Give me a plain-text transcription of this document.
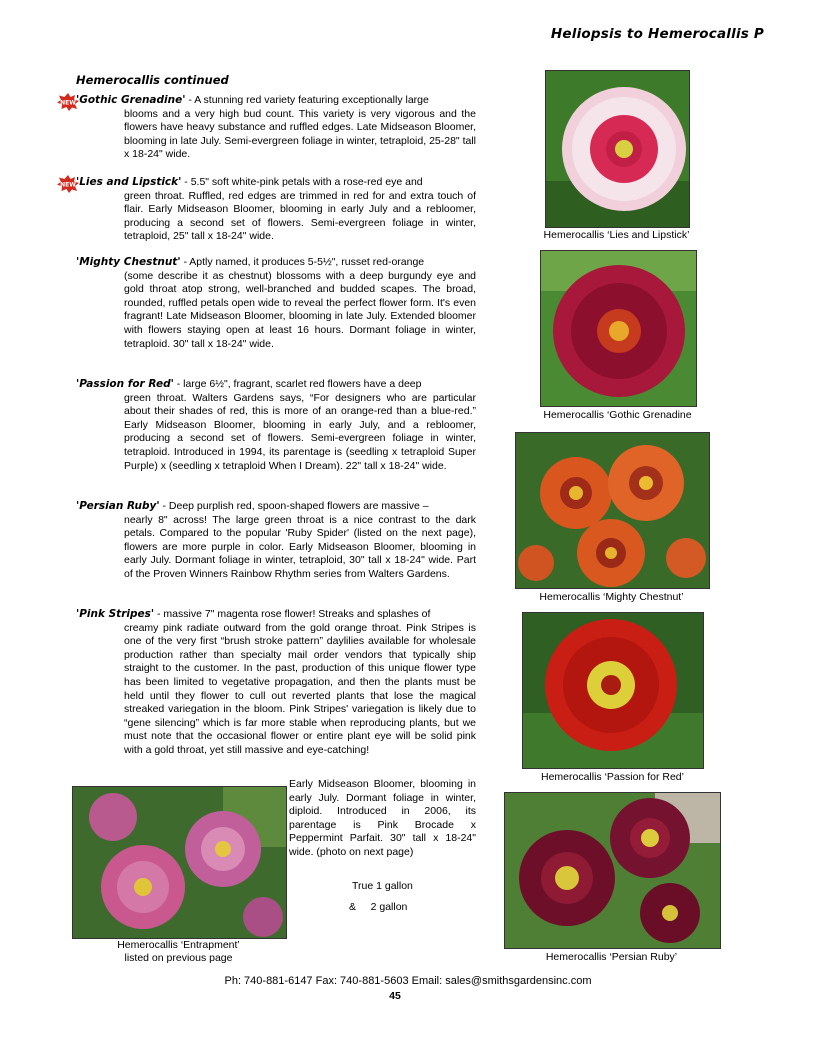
Heliopsis to Hemerocallis P
Hemerocallis continued
NEW 'Gothic Grenadine' - A stunning red variety featuring exceptionally large
blooms and a very high bud count. This variety is very vigorous and the flowers have heavy substance and ruffled edges. Late Midseason Bloomer, blooming in late July. Semi-evergreen foliage in winter, tetraploid, 25-28" tall x 18-24" wide.
NEW 'Lies and Lipstick' - 5.5" soft white-pink petals with a rose-red eye and
green throat. Ruffled, red edges are trimmed in red for and extra touch of flair. Early Midseason Bloomer, blooming in early July and a rebloomer, producing a second set of flowers. Semi-evergreen foliage in winter, tetraploid, 25" tall x 18-24" wide.
'Mighty Chestnut' - Aptly named, it produces 5-5½", russet red-orange
(some describe it as chestnut) blossoms with a deep burgundy eye and gold throat atop strong, well-branched and budded scapes. The broad, rounded, ruffled petals open wide to reveal the perfect flower form. It's even fragrant! Late Midseason Bloomer, blooming in late July. Extended bloomer with flowers staying open at least 16 hours. Dormant foliage in winter, tetraploid. 30" tall x 18-24" wide.
'Passion for Red' - large 6½", fragrant, scarlet red flowers have a deep
green throat. Walters Gardens says, “For designers who are particular about their shades of red, this is more of an orange-red than a blue-red.” Early Midseason Bloomer, blooming in early July, and a rebloomer, producing a second set of flowers. Semi-evergreen foliage in winter, tetraploid. Introduced in 1994, its parentage is (seedling x tetraploid Super Purple) x (seedling x tetraploid When I Dream). 22" tall x 18-24" wide.
'Persian Ruby' - Deep purplish red, spoon-shaped flowers are massive –
nearly 8" across! The large green throat is a nice contrast to the dark petals. Compared to the popular 'Ruby Spider' (listed on the next page), flowers are more purple in color. Early Midseason Bloomer, blooming in early July. Dormant foliage in winter, tetraploid, 30" tall x 18-24" wide. Part of the Proven Winners Rainbow Rhythm series from Walters Gardens.
'Pink Stripes' - massive 7" magenta rose flower! Streaks and splashes of
creamy pink radiate outward from the gold orange throat. Pink Stripes is one of the very first “brush stroke pattern” daylilies available for wholesale production rather than specialty mail order vendors that typically ship straight to the customer. In the past, production of this unique flower type has been limited to vegetative propagation, and then the plants must be held until they flower to cull out reverted plants that lose the magical streaked variegation in the bloom. Pink Stripes' variegation is likely due to “gene silencing” which is far more stable when reproducing plants, but we must note that the occasional flower or entire plant eye will be solid pink with a gold throat, yet still massive and eye-catching!
Early Midseason Bloomer, blooming in early July. Dormant foliage in winter, diploid. Introduced in 2006, its parentage is Pink Brocade x Peppermint Parfait. 30" tall x 18-24" wide. (photo on next page)
True 1 gallon
& 2 gallon
Hemerocallis ‘Entrapment’
listed on previous page
Hemerocallis ‘Lies and Lipstick’
Hemerocallis ‘Gothic Grenadine
Hemerocallis ‘Mighty Chestnut’
Hemerocallis ‘Passion for Red’
Hemerocallis ‘Persian Ruby’
Ph: 740-881-6147 Fax: 740-881-5603 Email: sales@smithsgardensinc.com
45
